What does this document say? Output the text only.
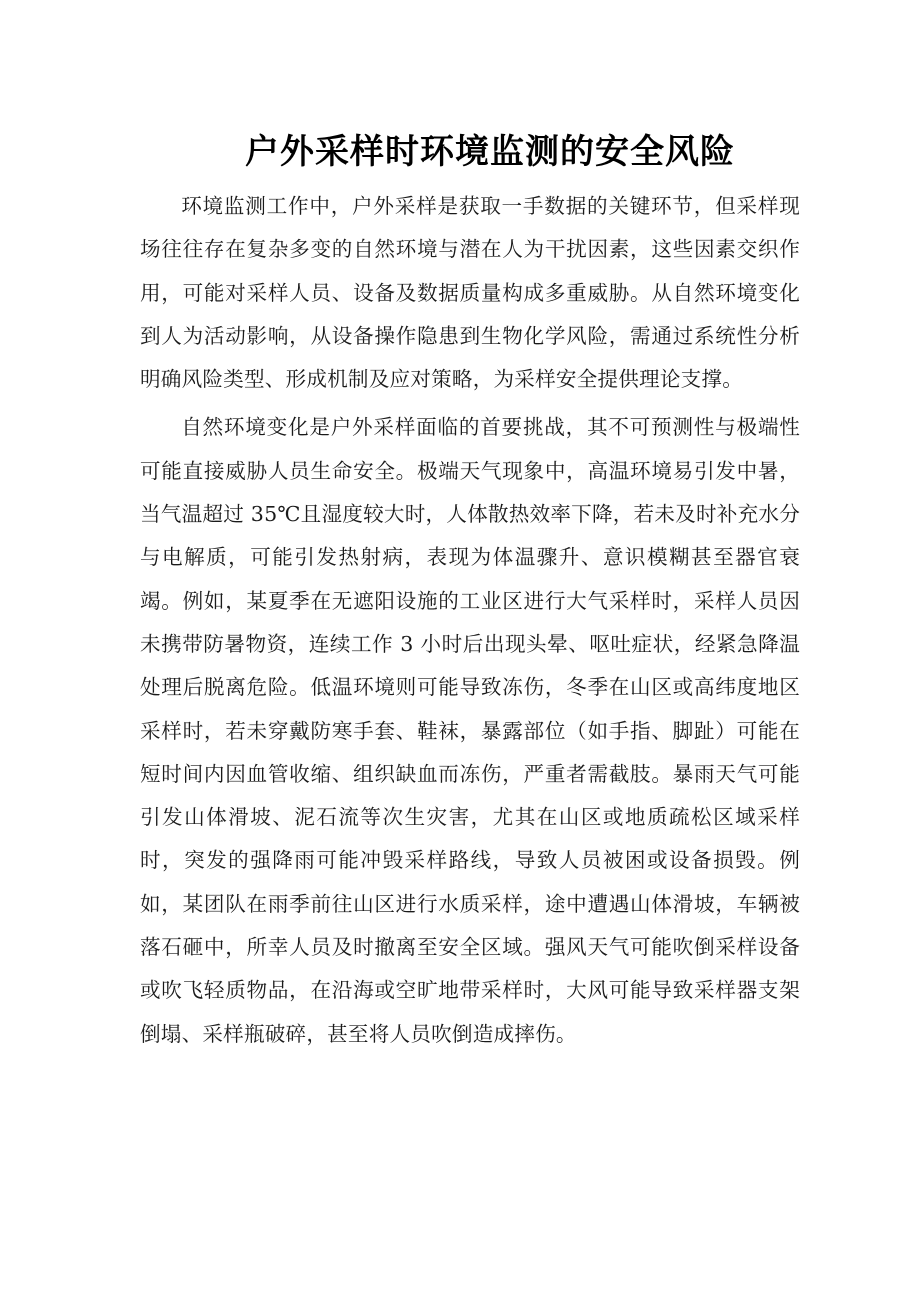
户外采样时环境监测的安全风险

环境监测工作中，户外采样是获取一手数据的关键环节，但采样现场往往存在复杂多变的自然环境与潜在人为干扰因素，这些因素交织作用，可能对采样人员、设备及数据质量构成多重威胁。从自然环境变化到人为活动影响，从设备操作隐患到生物化学风险，需通过系统性分析明确风险类型、形成机制及应对策略，为采样安全提供理论支撑。

自然环境变化是户外采样面临的首要挑战，其不可预测性与极端性可能直接威胁人员生命安全。极端天气现象中，高温环境易引发中暑，当气温超过 35℃且湿度较大时，人体散热效率下降，若未及时补充水分与电解质，可能引发热射病，表现为体温骤升、意识模糊甚至器官衰竭。例如，某夏季在无遮阳设施的工业区进行大气采样时，采样人员因未携带防暑物资，连续工作 3 小时后出现头晕、呕吐症状，经紧急降温处理后脱离危险。低温环境则可能导致冻伤，冬季在山区或高纬度地区采样时，若未穿戴防寒手套、鞋袜，暴露部位（如手指、脚趾）可能在短时间内因血管收缩、组织缺血而冻伤，严重者需截肢。暴雨天气可能引发山体滑坡、泥石流等次生灾害，尤其在山区或地质疏松区域采样时，突发的强降雨可能冲毁采样路线，导致人员被困或设备损毁。例如，某团队在雨季前往山区进行水质采样，途中遭遇山体滑坡，车辆被落石砸中，所幸人员及时撤离至安全区域。强风天气可能吹倒采样设备或吹飞轻质物品，在沿海或空旷地带采样时，大风可能导致采样器支架倒塌、采样瓶破碎，甚至将人员吹倒造成摔伤。
